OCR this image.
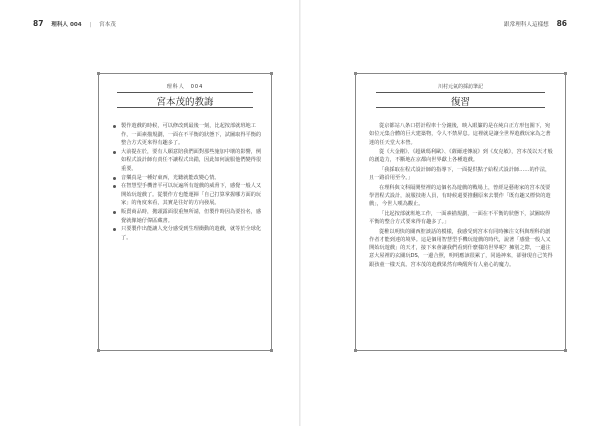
87 理科人 004 | 宮本茂
理科人　004
宮本茂的教誨
製作遊戲的時候，可以修改到最後一刻，比起按部就班地工作，一面素描規劃，一面在不平衡的狀態下，試圖取得平衡的整合方式更來得有趣多了。
大前提在於，要有人願意陪我們面對那些施加中壞的影響，例如程式設計師有責任不讓程式出錯，因此如何說服他們變得很重要。
音樂真是一種好東西，光聽就能改變心情。
在智慧型手機普平可以玩遍所有遊戲的威脅下，感覺一般人又開始玩遊戲了。從製作方也能運揮「自己打算掌握哪方面的玩家」的角度來看，其實是往好的方向發展。
販賣商品時，拋頭露面很重無所請，但製作時因為要扮名，感覺就像她仔偉區藏書。
只要製作出能讓人充分感受到生理衝動的遊戲，就等於全球化了。
跟常理科人這樣想 86
川村元氣的採訪筆記
復習

從京都站八条口搭計程車十分鐘後，映入眼簾的是在純白正方形包圍下，宛如位元集合體的巨大建築物，令人不禁屏息。這裡就是讓全世界遊戲玩家為之著迷的任天堂大本營。

從《大金剛》、《超級瑪利歐》、《薩爾達傳說》到《皮克敏》，宮本茂以天才般的創造力，不斷地在京都向世界獻上各種遊戲。

「我採取在程式設計師的指導下，一面提供點子給程式設計師……的作法，且一路沿用至今。」

在理科與文科隔閡壁裡的這個名為遊戲的戰場上，曾經是藝術家的宮本茂要學習程式設計，說服技術人員，有時候還要推翻原來去製作「既有趣又標快的遊戲」，今世人嘆為觀止。

「比起按部就班地工作，一面素描規劃，一面在不平衡的狀態下，試圖取得平衡的整合方式要來得有趣多了。」

從稚以明快的關西腔談話的模樣，我感受到宮本有同時擁注文科與理科的創作者才能到達的境界。這是個用智慧型手機玩遊戲的時代，說著「感覺一般人又開始玩遊戲」的天才，接下來會讓我們看到什麼樣的世界呢？擁別之際，一邊注意大屋裡的玄關玩DS，一邊合照，明明應該很累了，同過神來，卻發現自己笑得跟孩童一樣天真。宮本茂的遊戲果然有喚醒所有人童心的魔力。
